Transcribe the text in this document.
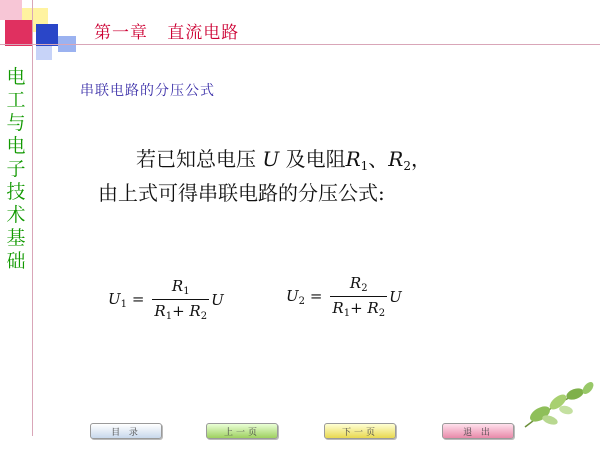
第一章   直流电路
电工与电子技术基础
串联电路的分压公式
若已知总电压 U 及电阻$R_1$、$R_2$，
由上式可得串联电路的分压公式:
$U_1 = \frac{R_1}{R_1+ R_2}$ U	$U_2 = \frac{R_2}{R_1+ R_2}$ U
目 录	上一页	下一页	退 出
